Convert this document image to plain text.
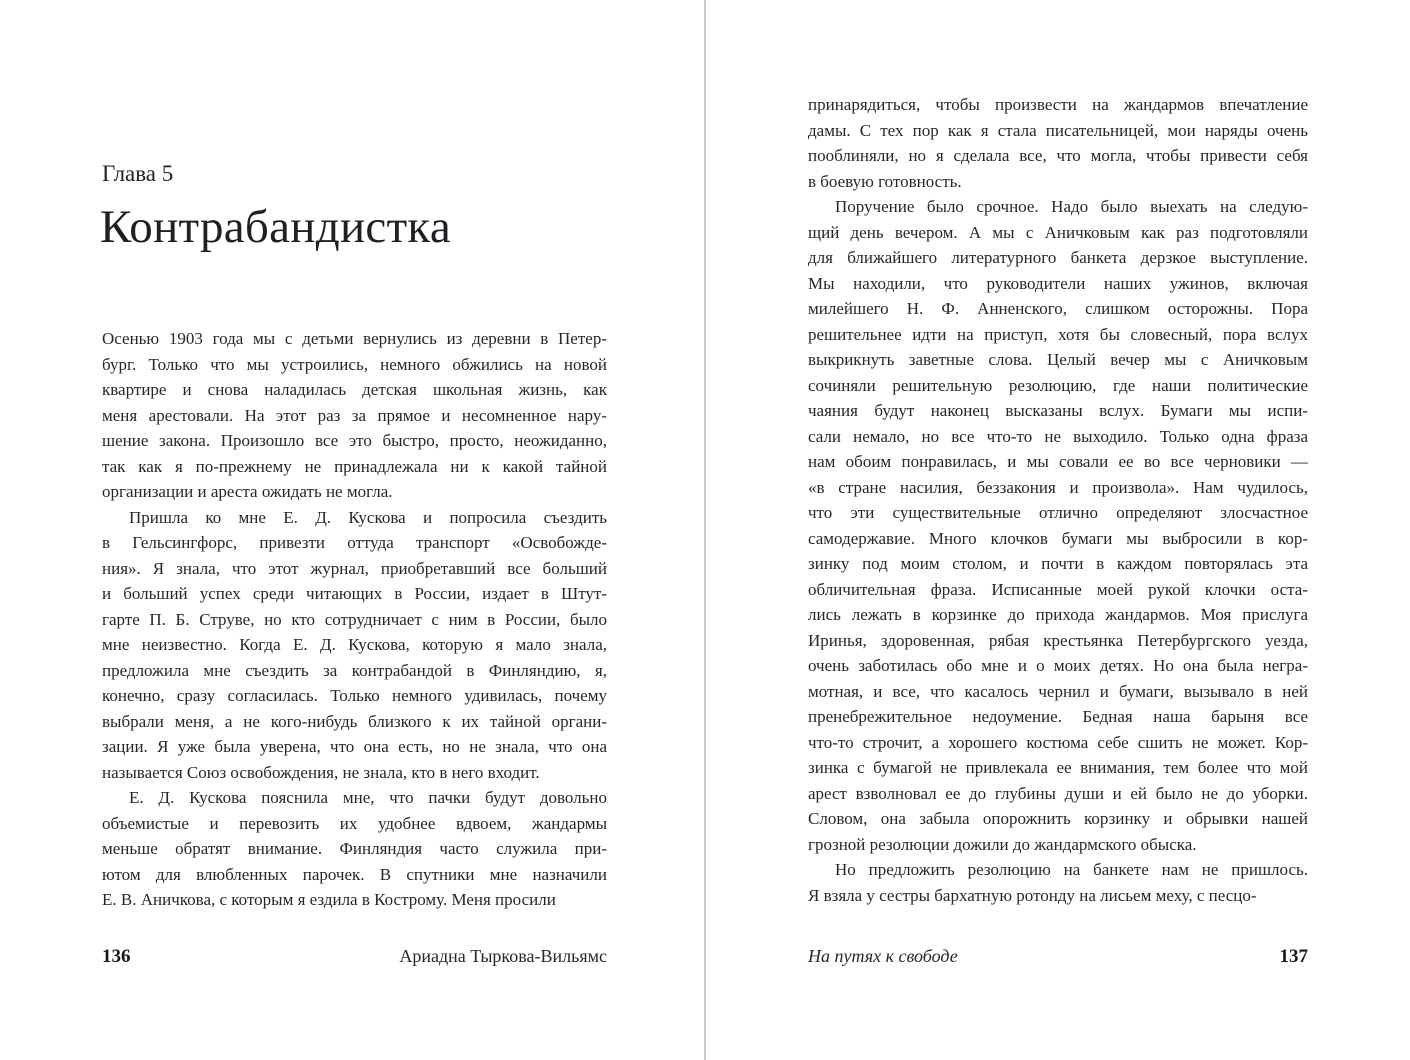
Глава 5
Контрабандистка
Осенью 1903 года мы с детьми вернулись из деревни в Петер-
бург. Только что мы устроились, немного обжились на новой
квартире и снова наладилась детская школьная жизнь, как
меня арестовали. На этот раз за прямое и несомненное нару-
шение закона. Произошло все это быстро, просто, неожиданно,
так как я по-прежнему не принадлежала ни к какой тайной
организации и ареста ожидать не могла.
Пришла ко мне Е. Д. Кускова и попросила съездить
в Гельсингфорс, привезти оттуда транспорт «Освобожде-
ния». Я знала, что этот журнал, приобретавший все больший
и больший успех среди читающих в России, издает в Штут-
гарте П. Б. Струве, но кто сотрудничает с ним в России, было
мне неизвестно. Когда Е. Д. Кускова, которую я мало знала,
предложила мне съездить за контрабандой в Финляндию, я,
конечно, сразу согласилась. Только немного удивилась, почему
выбрали меня, а не кого-нибудь близкого к их тайной органи-
зации. Я уже была уверена, что она есть, но не знала, что она
называется Союз освобождения, не знала, кто в него входит.
Е. Д. Кускова пояснила мне, что пачки будут довольно
объемистые и перевозить их удобнее вдвоем, жандармы
меньше обратят внимание. Финляндия часто служила при-
ютом для влюбленных парочек. В спутники мне назначили
Е. В. Аничкова, с которым я ездила в Кострому. Меня просили
136	Ариадна Тыркова-Вильямс
принарядиться, чтобы произвести на жандармов впечатление
дамы. С тех пор как я стала писательницей, мои наряды очень
пооблиняли, но я сделала все, что могла, чтобы привести себя
в боевую готовность.
Поручение было срочное. Надо было выехать на следую-
щий день вечером. А мы с Аничковым как раз подготовляли
для ближайшего литературного банкета дерзкое выступление.
Мы находили, что руководители наших ужинов, включая
милейшего Н. Ф. Анненского, слишком осторожны. Пора
решительнее идти на приступ, хотя бы словесный, пора вслух
выкрикнуть заветные слова. Целый вечер мы с Аничковым
сочиняли решительную резолюцию, где наши политические
чаяния будут наконец высказаны вслух. Бумаги мы испи-
сали немало, но все что-то не выходило. Только одна фраза
нам обоим понравилась, и мы совали ее во все черновики —
«в стране насилия, беззакония и произвола». Нам чудилось,
что эти существительные отлично определяют злосчастное
самодержавие. Много клочков бумаги мы выбросили в кор-
зинку под моим столом, и почти в каждом повторялась эта
обличительная фраза. Исписанные моей рукой клочки оста-
лись лежать в корзинке до прихода жандармов. Моя прислуга
Иринья, здоровенная, рябая крестьянка Петербургского уезда,
очень заботилась обо мне и о моих детях. Но она была негра-
мотная, и все, что касалось чернил и бумаги, вызывало в ней
пренебрежительное недоумение. Бедная наша барыня все
что-то строчит, а хорошего костюма себе сшить не может. Кор-
зинка с бумагой не привлекала ее внимания, тем более что мой
арест взволновал ее до глубины души и ей было не до уборки.
Словом, она забыла опорожнить корзинку и обрывки нашей
грозной резолюции дожили до жандармского обыска.
Но предложить резолюцию на банкете нам не пришлось.
Я взяла у сестры бархатную ротонду на лисьем меху, с песцо-
На путях к свободе	137
